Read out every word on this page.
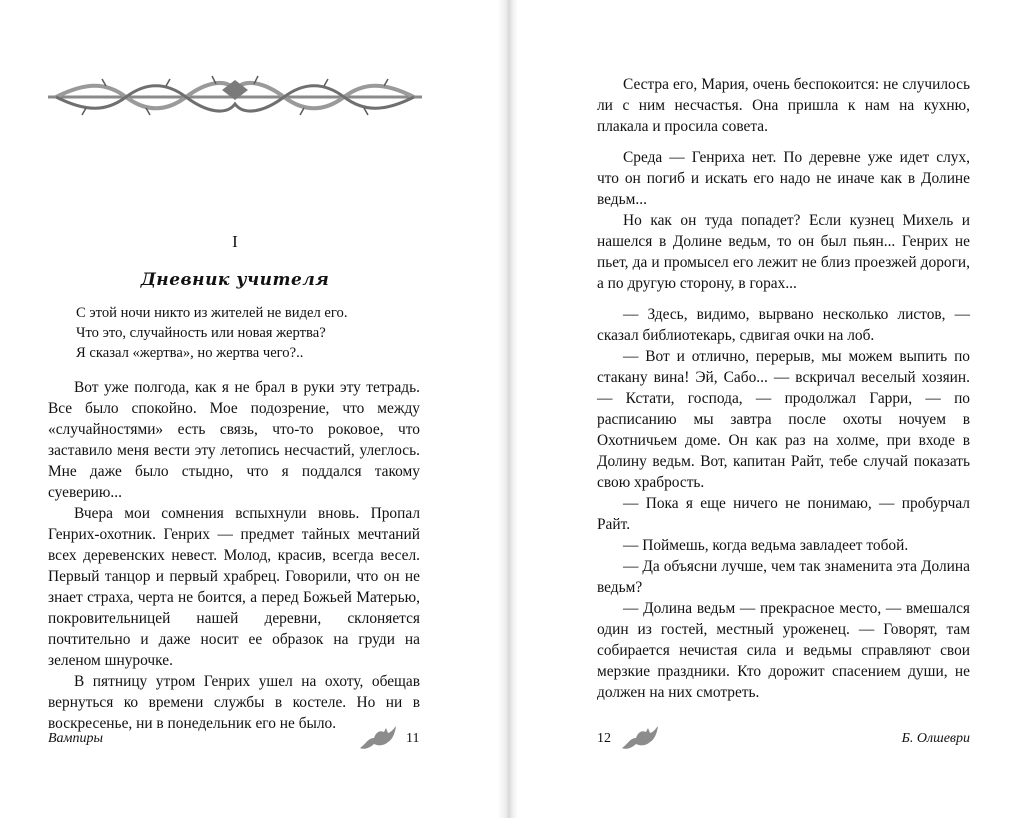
I
Дневник учителя
С этой ночи никто из жителей не видел его.
Что это, случайность или новая жертва?
Я сказал «жертва», но жертва чего?..

Вот уже полгода, как я не брал в руки эту тетрадь. Все было спокойно. Мое подозрение, что между «случайностями» есть связь, что-то роковое, что заставило меня вести эту летопись несчастий, улеглось. Мне даже было стыдно, что я поддался такому суеверию...

Вчера мои сомнения вспыхнули вновь. Пропал Генрих-охотник. Генрих — предмет тайных мечтаний всех деревенских невест. Молод, красив, всегда весел. Первый танцор и первый храбрец. Говорили, что он не знает страха, черта не боится, а перед Божьей Матерью, покровительницей нашей деревни, склоняется почтительно и даже носит ее образок на груди на зеленом шнурочке.

В пятницу утром Генрих ушел на охоту, обещав вернуться ко времени службы в костеле. Но ни в воскресенье, ни в понедельник его не было.

Вампиры	11

Сестра его, Мария, очень беспокоится: не случилось ли с ним несчастья. Она пришла к нам на кухню, плакала и просила совета.

Среда — Генриха нет. По деревне уже идет слух, что он погиб и искать его надо не иначе как в Долине ведьм...

Но как он туда попадет? Если кузнец Михель и нашелся в Долине ведьм, то он был пьян... Генрих не пьет, да и промысел его лежит не близ проезжей дороги, а по другую сторону, в горах...

— Здесь, видимо, вырвано несколько листов, — сказал библиотекарь, сдвигая очки на лоб.

— Вот и отлично, перерыв, мы можем выпить по стакану вина! Эй, Сабо... — вскричал веселый хозяин. — Кстати, господа, — продолжал Гарри, — по расписанию мы завтра после охоты ночуем в Охотничьем доме. Он как раз на холме, при входе в Долину ведьм. Вот, капитан Райт, тебе случай показать свою храбрость.

— Пока я еще ничего не понимаю, — пробурчал Райт.

— Поймешь, когда ведьма завладеет тобой.

— Да объясни лучше, чем так знаменита эта Долина ведьм?

— Долина ведьм — прекрасное место, — вмешался один из гостей, местный уроженец. — Говорят, там собирается нечистая сила и ведьмы справляют свои мерзкие праздники. Кто дорожит спасением души, не должен на них смотреть.

12	Б. Олшеври
